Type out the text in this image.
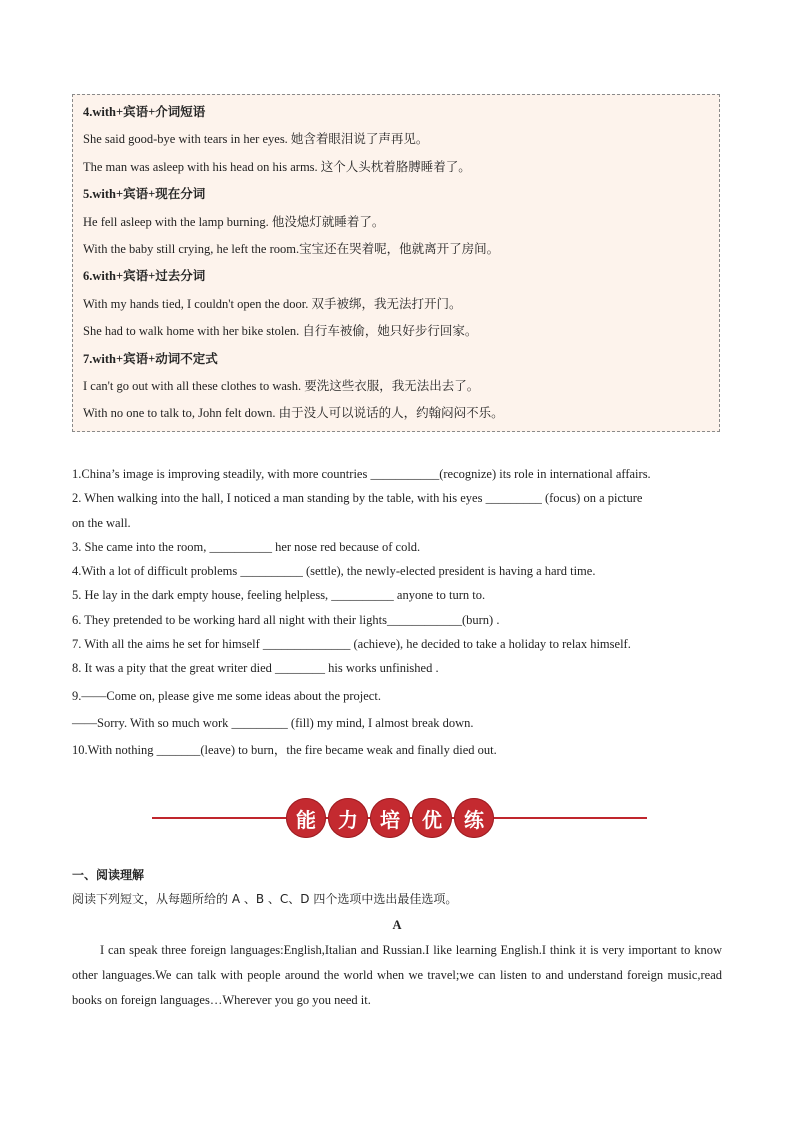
4.with+宾语+介词短语
She said good-bye with tears in her eyes. 她含着眼泪说了声再见。
The man was asleep with his head on his arms. 这个人头枕着胳膊睡着了。
5.with+宾语+现在分词
He fell asleep with the lamp burning. 他没熄灯就睡着了。
With the baby still crying, he left the room.宝宝还在哭着呢，他就离开了房间。
6.with+宾语+过去分词
With my hands tied, I couldn't open the door. 双手被绑，我无法打开门。
She had to walk home with her bike stolen. 自行车被偷，她只好步行回家。
7.with+宾语+动词不定式
I can't go out with all these clothes to wash. 要洗这些衣服，我无法出去了。
With no one to talk to, John felt down. 由于没人可以说话的人，约翰闷闷不乐。
1.China’s image is improving steadily, with more countries ___________(recognize) its role in international affairs.
2. When walking into the hall, I noticed a man standing by the table, with his eyes _________ (focus) on a picture
on the wall.
3. She came into the room, __________ her nose red because of cold.
4.With a lot of difficult problems __________ (settle), the newly-elected president is having a hard time.
5. He lay in the dark empty house, feeling helpless, __________ anyone to turn to.
6. They pretended to be working hard all night with their lights____________(burn) .
7. With all the aims he set for himself ______________ (achieve), he decided to take a holiday to relax himself.
8. It was a pity that the great writer died ________ his works unfinished .
9.——Come on, please give me some ideas about the project.
——Sorry. With so much work _________ (fill) my mind, I almost break down.
10.With nothing _______(leave) to burn，the fire became weak and finally died out.
能	力	培	优	练
一、阅读理解
阅读下列短文，从每题所给的 A 、B 、C、D 四个选项中选出最佳选项。
A
I can speak three foreign languages:English,Italian and Russian.I like learning English.I think it is very important to know other languages.We can talk with people around the world when we travel;we can listen to and understand foreign music,read books on foreign languages…Wherever you go you need it.
